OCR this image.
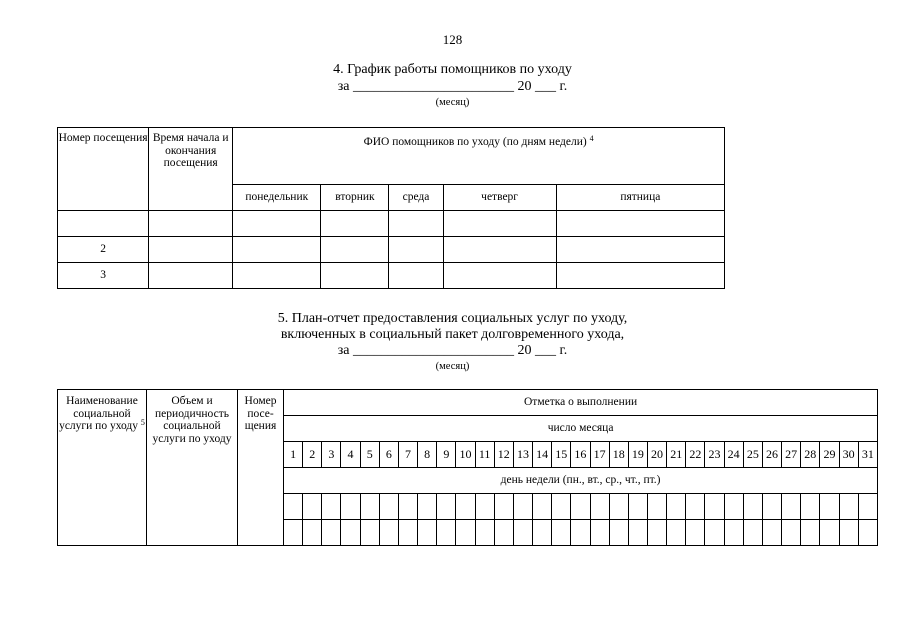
128
4. График работы помощников по уходу
за _______________________ 20 ___ г.
(месяц)
Номер посещения	Время начала и окончания посещения	ФИО помощников по уходу (по дням недели) $^4$
		понедельник	вторник	среда	четверг	пятница

2						
3						
5. План-отчет предоставления социальных услуг по уходу,
включенных в социальный пакет долговременного ухода,
за _______________________ 20 ___ г.
(месяц)
Наименование социальной услуги по уходу $^5$	Объем и периодичность социальной услуги по уходу	Номер посе- щения	Отметка о выполнении																														
			число месяца																														
			1	2	3	4	5	6	7	8	9	10	11	12	13	14	15	16	17	18	19	20	21	22	23	24	25	26	27	28	29	30	31
			день недели (пн., вт., ср., чт., пт.)																														
